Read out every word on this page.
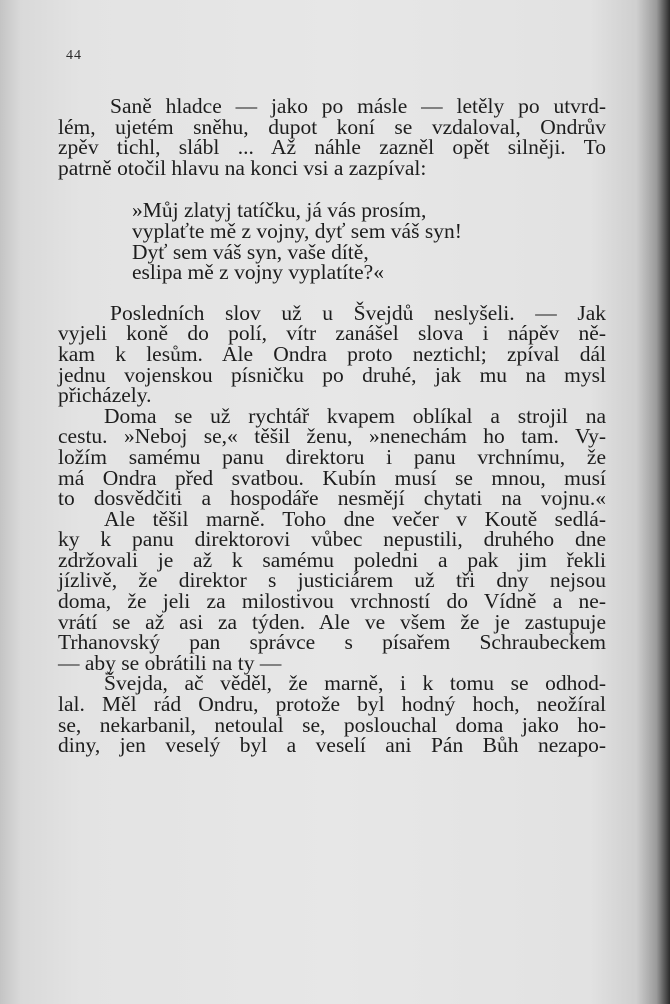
44

Saně hladce — jako po másle — letěly po utvrd-
lém, ujetém sněhu, dupot koní se vzdaloval, Ondrův
zpěv tichl, slábl ... Až náhle zazněl opět silněji. To
patrně otočil hlavu na konci vsi a zazpíval:

»Můj zlatyj tatíčku, já vás prosím,
vyplaťte mě z vojny, dyť sem váš syn!
Dyť sem váš syn, vaše dítě,
eslipa mě z vojny vyplatíte?«

Posledních slov už u Švejdů neslyšeli. — Jak
vyjeli koně do polí, vítr zanášel slova i nápěv ně-
kam k lesům. Ale Ondra proto neztichl; zpíval dál
jednu vojenskou písničku po druhé, jak mu na mysl
přicházely.

Doma se už rychtář kvapem oblíkal a strojil na
cestu. »Neboj se,« těšil ženu, »nenechám ho tam. Vy-
ložím samému panu direktoru i panu vrchnímu, že
má Ondra před svatbou. Kubín musí se mnou, musí
to dosvědčiti a hospodáře nesmějí chytati na vojnu.«

Ale těšil marně. Toho dne večer v Koutě sedlá-
ky k panu direktorovi vůbec nepustili, druhého dne
zdržovali je až k samému poledni a pak jim řekli
jízlivě, že direktor s justiciárem už tři dny nejsou
doma, že jeli za milostivou vrchností do Vídně a ne-
vrátí se až asi za týden. Ale ve všem že je zastupuje
Trhanovský pan správce s písařem Schraubeckem
— aby se obrátili na ty —

Švejda, ač věděl, že marně, i k tomu se odhod-
lal. Měl rád Ondru, protože byl hodný hoch, neožíral
se, nekarbanil, netoulal se, poslouchal doma jako ho-
diny, jen veselý byl a veselí ani Pán Bůh nezapo-
